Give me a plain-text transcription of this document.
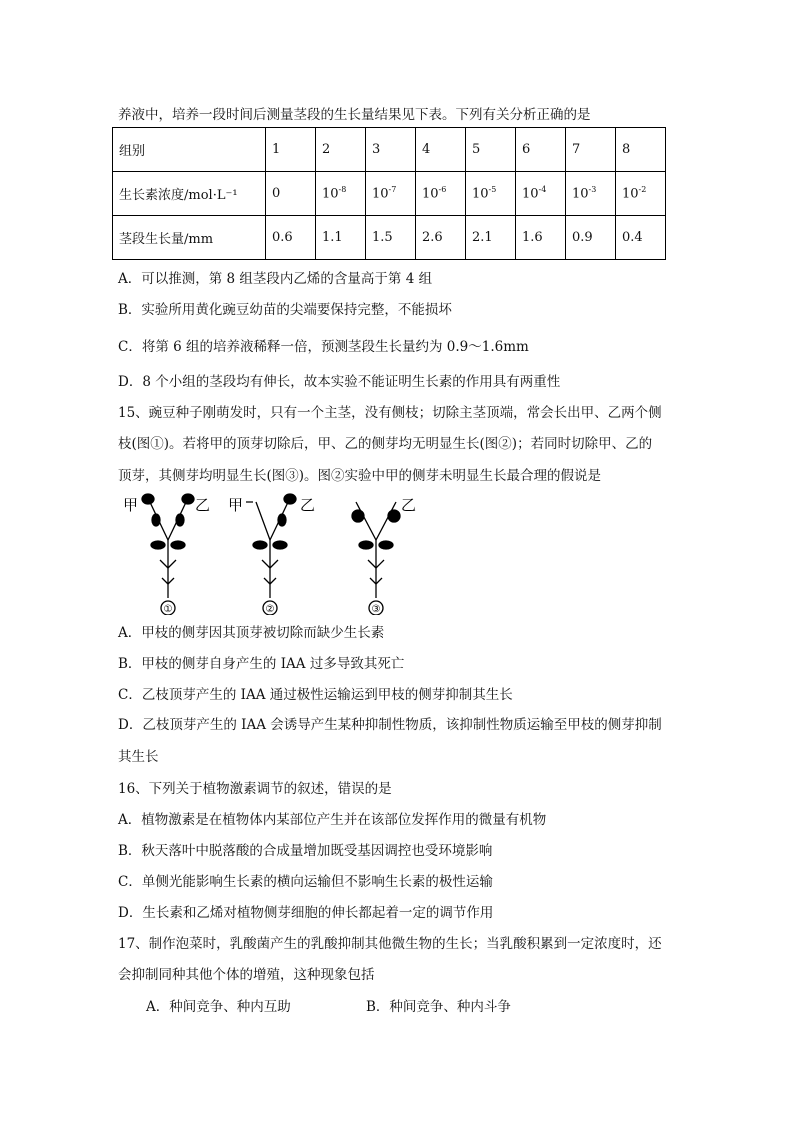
养液中，培养一段时间后测量茎段的生长量结果见下表。下列有关分析正确的是
组别	1	2	3	4	5	6	7	8
生长素浓度/mol·L⁻¹	0	$10^{-8}$	$10^{-7}$	$10^{-6}$	$10^{-5}$	$10^{-4}$	$10^{-3}$	$10^{-2}$
茎段生长量/mm	0.6	1.1	1.5	2.6	2.1	1.6	0.9	0.4
A．可以推测，第 8 组茎段内乙烯的含量高于第 4 组
B．实验所用黄化豌豆幼苗的尖端要保持完整，不能损坏
C．将第 6 组的培养液稀释一倍，预测茎段生长量约为 0.9～1.6mm
D．8 个小组的茎段均有伸长，故本实验不能证明生长素的作用具有两重性
15、豌豆种子刚萌发时，只有一个主茎，没有侧枝；切除主茎顶端，常会长出甲、乙两个侧
枝(图①)。若将甲的顶芽切除后，甲、乙的侧芽均无明显生长(图②)；若同时切除甲、乙的
顶芽，其侧芽均明显生长(图③)。图②实验中甲的侧芽未明显生长最合理的假说是
甲	乙
①
甲	乙
②
乙
③
A．甲枝的侧芽因其顶芽被切除而缺少生长素
B．甲枝的侧芽自身产生的 IAA 过多导致其死亡
C．乙枝顶芽产生的 IAA 通过极性运输运到甲枝的侧芽抑制其生长
D．乙枝顶芽产生的 IAA 会诱导产生某种抑制性物质，该抑制性物质运输至甲枝的侧芽抑制
其生长
16、下列关于植物激素调节的叙述，错误的是
A．植物激素是在植物体内某部位产生并在该部位发挥作用的微量有机物
B．秋天落叶中脱落酸的合成量增加既受基因调控也受环境影响
C．单侧光能影响生长素的横向运输但不影响生长素的极性运输
D．生长素和乙烯对植物侧芽细胞的伸长都起着一定的调节作用
17、制作泡菜时，乳酸菌产生的乳酸抑制其他微生物的生长；当乳酸积累到一定浓度时，还
会抑制同种其他个体的增殖，这种现象包括
A．种间竞争、种内互助	B．种间竞争、种内斗争
